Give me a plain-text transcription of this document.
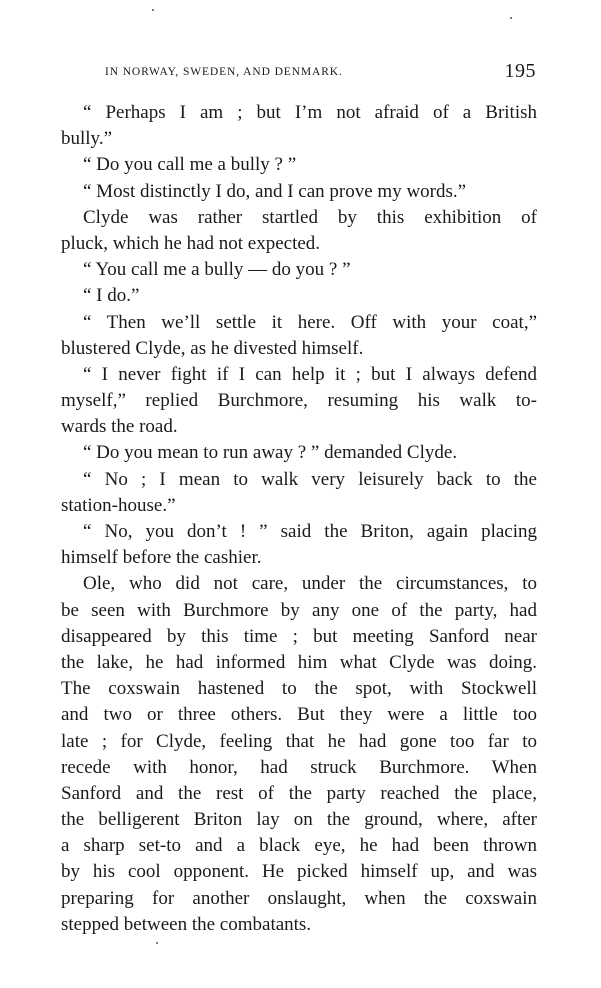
IN NORWAY, SWEDEN, AND DENMARK.	195
“ Perhaps I am ; but I’m not afraid of a British
bully.”
“ Do you call me a bully ? ”
“ Most distinctly I do, and I can prove my words.”
Clyde was rather startled by this exhibition of
pluck, which he had not expected.
“ You call me a bully — do you ? ”
“ I do.”
“ Then we’ll settle it here. Off with your coat,”
blustered Clyde, as he divested himself.
“ I never fight if I can help it ; but I always defend
myself,” replied Burchmore, resuming his walk to-
wards the road.
“ Do you mean to run away ? ” demanded Clyde.
“ No ; I mean to walk very leisurely back to the
station-house.”
“ No, you don’t ! ” said the Briton, again placing
himself before the cashier.
Ole, who did not care, under the circumstances, to
be seen with Burchmore by any one of the party, had
disappeared by this time ; but meeting Sanford near
the lake, he had informed him what Clyde was doing.
The coxswain hastened to the spot, with Stockwell
and two or three others. But they were a little too
late ; for Clyde, feeling that he had gone too far to
recede with honor, had struck Burchmore. When
Sanford and the rest of the party reached the place,
the belligerent Briton lay on the ground, where, after
a sharp set-to and a black eye, he had been thrown
by his cool opponent. He picked himself up, and was
preparing for another onslaught, when the coxswain
stepped between the combatants.
